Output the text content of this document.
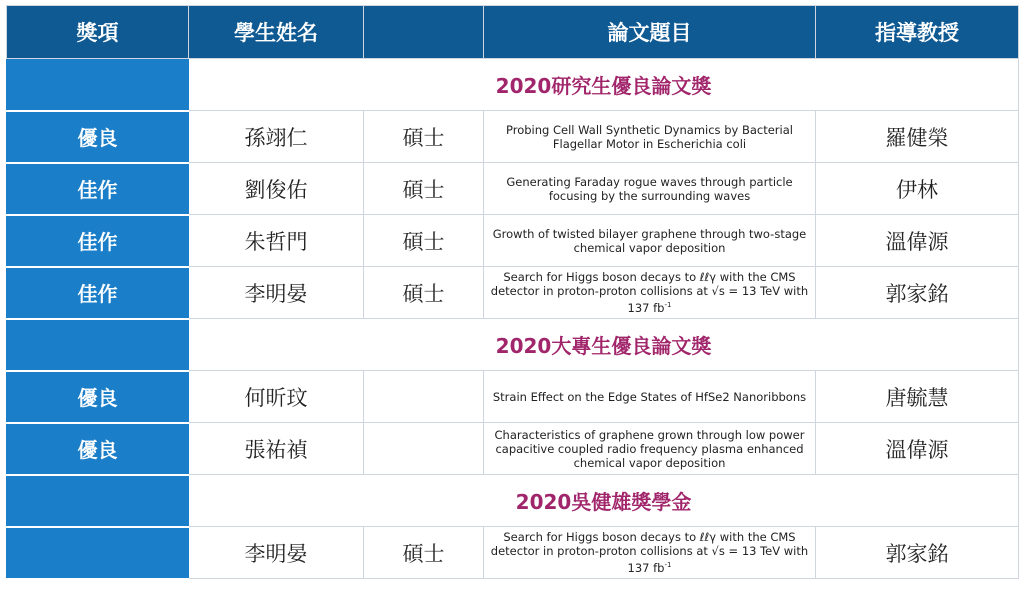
獎項	學生姓名		論文題目	指導教授
	2020研究生優良論文獎			
優良	孫翊仁	碩士	Probing Cell Wall Synthetic Dynamics by Bacterial Flagellar Motor in Escherichia coli	羅健榮
佳作	劉俊佑	碩士	Generating Faraday rogue waves through particle focusing by the surrounding waves	伊林
佳作	朱哲門	碩士	Growth of twisted bilayer graphene through two-stage chemical vapor deposition	溫偉源
佳作	李明晏	碩士	Search for Higgs boson decays to ℓℓγ with the CMS detector in proton-proton collisions at √s = 13 TeV with 137 $fb^{-1}$	郭家銘
	2020大專生優良論文獎			
優良	何昕玟		Strain Effect on the Edge States of HfSe2 Nanoribbons	唐毓慧
優良	張祐禎		Characteristics of graphene grown through low power capacitive coupled radio frequency plasma enhanced chemical vapor deposition	溫偉源
	2020吳健雄獎學金			
	李明晏	碩士	Search for Higgs boson decays to ℓℓγ with the CMS detector in proton-proton collisions at √s = 13 TeV with 137 $fb^{-1}$	郭家銘
